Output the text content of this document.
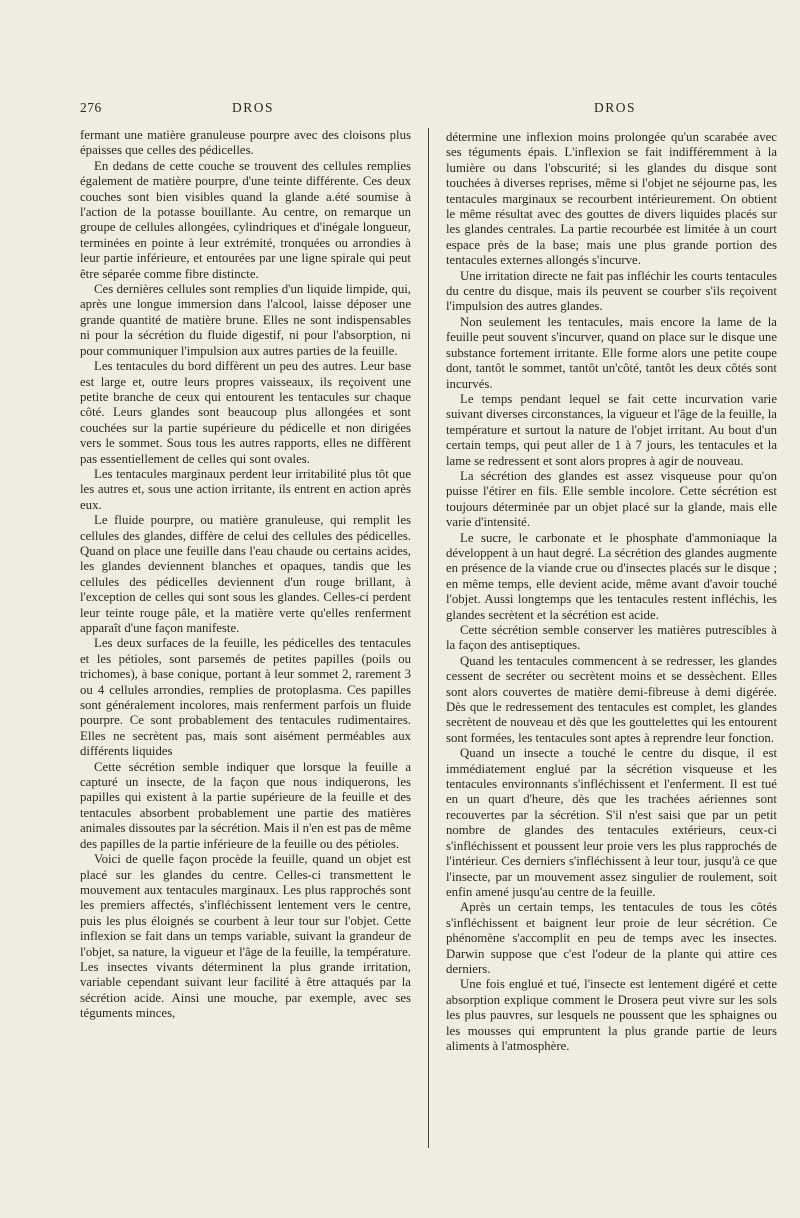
276	DROS	DROS

fermant une matière granuleuse pourpre avec des cloisons plus épaisses que celles des pédicelles.

En dedans de cette couche se trouvent des cellules remplies également de matière pourpre, d'une teinte différente. Ces deux couches sont bien visibles quand la glande a.été soumise à l'action de la potasse bouillante. Au centre, on remarque un groupe de cellules allongées, cylindriques et d'inégale longueur, terminées en pointe à leur extrémité, tronquées ou arrondies à leur partie inférieure, et entourées par une ligne spirale qui peut être séparée comme fibre distincte.

Ces dernières cellules sont remplies d'un liquide limpide, qui, après une longue immersion dans l'alcool, laisse déposer une grande quantité de matière brune. Elles ne sont indispensables ni pour la sécrétion du fluide digestif, ni pour l'absorption, ni pour communiquer l'impulsion aux autres parties de la feuille.

Les tentacules du bord diffèrent un peu des autres. Leur base est large et, outre leurs propres vaisseaux, ils reçoivent une petite branche de ceux qui entourent les tentacules sur chaque côté. Leurs glandes sont beaucoup plus allongées et sont couchées sur la partie supérieure du pédicelle et non dirigées vers le sommet. Sous tous les autres rapports, elles ne diffèrent pas essentiellement de celles qui sont ovales.

Les tentacules marginaux perdent leur irritabilité plus tôt que les autres et, sous une action irritante, ils entrent en action après eux.

Le fluide pourpre, ou matière granuleuse, qui remplit les cellules des glandes, diffère de celui des cellules des pédicelles. Quand on place une feuille dans l'eau chaude ou certains acides, les glandes deviennent blanches et opaques, tandis que les cellules des pédicelles deviennent d'un rouge brillant, à l'exception de celles qui sont sous les glandes. Celles-ci perdent leur teinte rouge pâle, et la matière verte qu'elles renferment apparaît d'une façon manifeste.

Les deux surfaces de la feuille, les pédicelles des tentacules et les pétioles, sont parsemés de petites papilles (poils ou trichomes), à base conique, portant à leur sommet 2, rarement 3 ou 4 cellules arrondies, remplies de protoplasma. Ces papilles sont généralement incolores, mais renferment parfois un fluide pourpre. Ce sont probablement des tentacules rudimentaires. Elles ne secrètent pas, mais sont aisément perméables aux différents liquides

Cette sécrétion semble indiquer que lorsque la feuille a capturé un insecte, de la façon que nous indiquerons, les papilles qui existent à la partie supérieure de la feuille et des tentacules absorbent probablement une partie des matières animales dissoutes par la sécrétion. Mais il n'en est pas de même des papilles de la partie inférieure de la feuille ou des pétioles.

Voici de quelle façon procède la feuille, quand un objet est placé sur les glandes du centre. Celles-ci transmettent le mouvement aux tentacules marginaux. Les plus rapprochés sont les premiers affectés, s'infléchissent lentement vers le centre, puis les plus éloignés se courbent à leur tour sur l'objet. Cette inflexion se fait dans un temps variable, suivant la grandeur de l'objet, sa nature, la vigueur et l'âge de la feuille, la température. Les insectes vivants déterminent la plus grande irritation, variable cependant suivant leur facilité à être attaqués par la sécrétion acide. Ainsi une mouche, par exemple, avec ses téguments minces,

détermine une inflexion moins prolongée qu'un scarabée avec ses téguments épais. L'inflexion se fait indifféremment à la lumière ou dans l'obscurité; si les glandes du disque sont touchées à diverses reprises, même si l'objet ne séjourne pas, les tentacules marginaux se recourbent intérieurement. On obtient le même résultat avec des gouttes de divers liquides placés sur les glandes centrales. La partie recourbée est limitée à un court espace près de la base; mais une plus grande portion des tentacules externes allongés s'incurve.

Une irritation directe ne fait pas infléchir les courts tentacules du centre du disque, mais ils peuvent se courber s'ils reçoivent l'impulsion des autres glandes.

Non seulement les tentacules, mais encore la lame de la feuille peut souvent s'incurver, quand on place sur le disque une substance fortement irritante. Elle forme alors une petite coupe dont, tantôt le sommet, tantôt un'côté, tantôt les deux côtés sont incurvés.

Le temps pendant lequel se fait cette incurvation varie suivant diverses circonstances, la vigueur et l'âge de la feuille, la température et surtout la nature de l'objet irritant. Au bout d'un certain temps, qui peut aller de 1 à 7 jours, les tentacules et la lame se redressent et sont alors propres à agir de nouveau.

La sécrétion des glandes est assez visqueuse pour qu'on puisse l'étirer en fils. Elle semble incolore. Cette sécrétion est toujours déterminée par un objet placé sur la glande, mais elle varie d'intensité.

Le sucre, le carbonate et le phosphate d'ammoniaque la développent à un haut degré. La sécrétion des glandes augmente en présence de la viande crue ou d'insectes placés sur le disque ; en même temps, elle devient acide, même avant d'avoir touché l'objet. Aussi longtemps que les tentacules restent infléchis, les glandes secrètent et la sécrétion est acide.

Cette sécrétion semble conserver les matières putrescibles à la façon des antiseptiques.

Quand les tentacules commencent à se redresser, les glandes cessent de secréter ou secrètent moins et se dessèchent. Elles sont alors couvertes de matière demi-fibreuse à demi digérée. Dès que le redressement des tentacules est complet, les glandes secrètent de nouveau et dès que les gouttelettes qui les entourent sont formées, les tentacules sont aptes à reprendre leur fonction.

Quand un insecte a touché le centre du disque, il est immédiatement englué par la sécrétion visqueuse et les tentacules environnants s'infléchissent et l'enferment. Il est tué en un quart d'heure, dès que les trachées aériennes sont recouvertes par la sécrétion. S'il n'est saisi que par un petit nombre de glandes des tentacules extérieurs, ceux-ci s'infléchissent et poussent leur proie vers les plus rapprochés de l'intérieur. Ces derniers s'infléchissent à leur tour, jusqu'à ce que l'insecte, par un mouvement assez singulier de roulement, soit enfin amené jusqu'au centre de la feuille.

Après un certain temps, les tentacules de tous les côtés s'infléchissent et baignent leur proie de leur sécrétion. Ce phénomène s'accomplit en peu de temps avec les insectes. Darwin suppose que c'est l'odeur de la plante qui attire ces derniers.

Une fois englué et tué, l'insecte est lentement digéré et cette absorption explique comment le Drosera peut vivre sur les sols les plus pauvres, sur lesquels ne poussent que les sphaignes ou les mousses qui empruntent la plus grande partie de leurs aliments à l'atmosphère.
